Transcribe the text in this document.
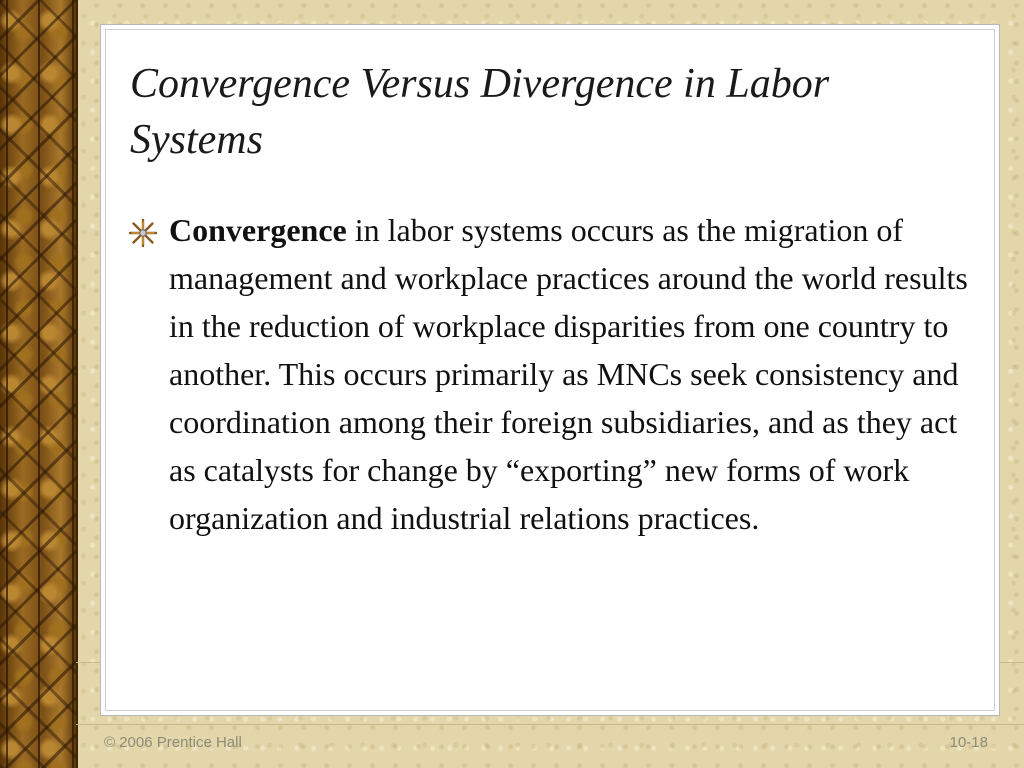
Convergence Versus Divergence in Labor Systems

Convergence in labor systems occurs as the migration of management and workplace practices around the world results in the reduction of workplace disparities from one country to another. This occurs primarily as MNCs seek consistency and coordination among their foreign subsidiaries, and as they act as catalysts for change by “exporting” new forms of work organization and industrial relations practices.

© 2006 Prentice Hall	10-18
